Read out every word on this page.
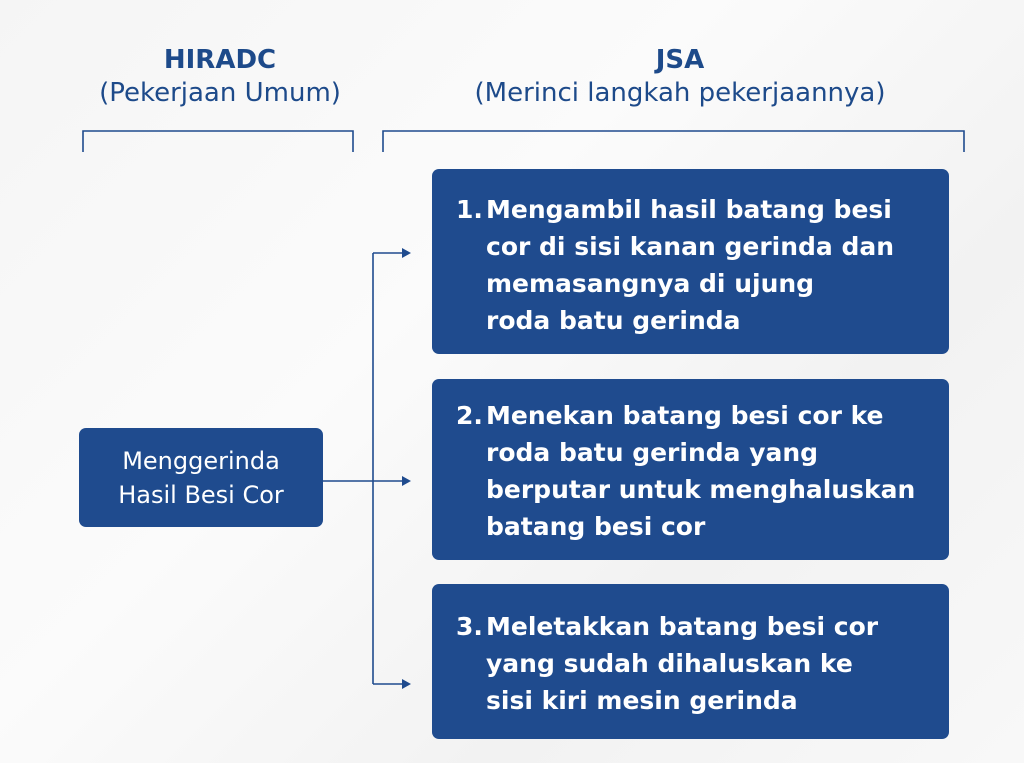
HIRADC
(Pekerjaan Umum)
JSA
(Merinci langkah pekerjaannya)
Menggerinda
Hasil Besi Cor
1. Mengambil hasil batang besi
cor di sisi kanan gerinda dan
memasangnya di ujung
roda batu gerinda
2. Menekan batang besi cor ke
roda batu gerinda yang
berputar untuk menghaluskan
batang besi cor
3. Meletakkan batang besi cor
yang sudah dihaluskan ke
sisi kiri mesin gerinda
